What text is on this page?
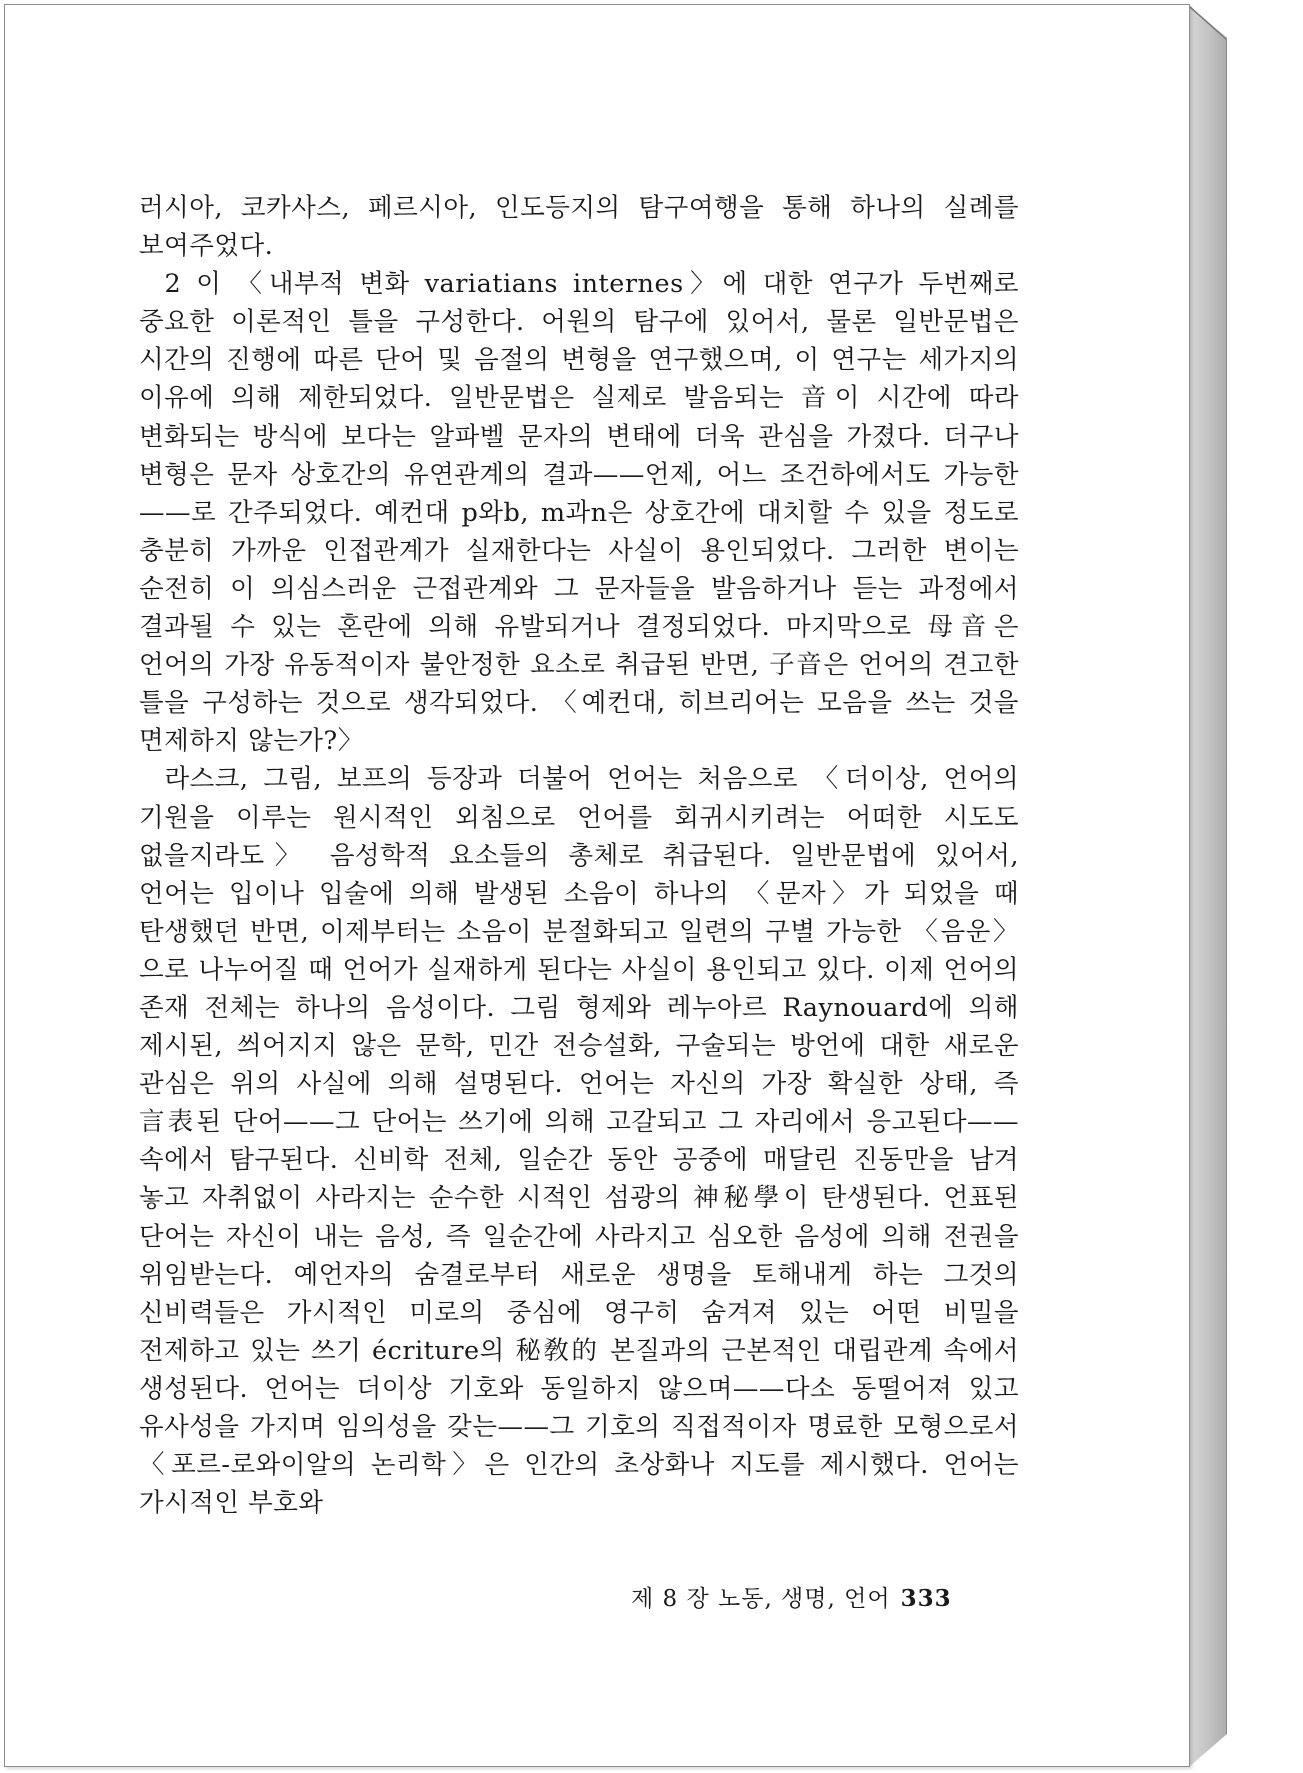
러시아, 코카사스, 페르시아, 인도등지의 탐구여행을 통해 하나의 실례를 보여주었다.

2 이 〈내부적 변화 variatians internes〉에 대한 연구가 두번째로 중요한 이론적인 틀을 구성한다. 어원의 탐구에 있어서, 물론 일반문법은 시간의 진행에 따른 단어 및 음절의 변형을 연구했으며, 이 연구는 세가지의 이유에 의해 제한되었다. 일반문법은 실제로 발음되는 音이 시간에 따라 변화되는 방식에 보다는 알파벨 문자의 변태에 더욱 관심을 가졌다. 더구나 변형은 문자 상호간의 유연관계의 결과——언제, 어느 조건하에서도 가능한——로 간주되었다. 예컨대 p와b, m과n은 상호간에 대치할 수 있을 정도로 충분히 가까운 인접관계가 실재한다는 사실이 용인되었다. 그러한 변이는 순전히 이 의심스러운 근접관계와 그 문자들을 발음하거나 듣는 과정에서 결과될 수 있는 혼란에 의해 유발되거나 결정되었다. 마지막으로 母音은 언어의 가장 유동적이자 불안정한 요소로 취급된 반면, 子音은 언어의 견고한 틀을 구성하는 것으로 생각되었다. 〈예컨대, 히브리어는 모음을 쓰는 것을 면제하지 않는가?〉

라스크, 그림, 보프의 등장과 더불어 언어는 처음으로 〈더이상, 언어의 기원을 이루는 원시적인 외침으로 언어를 회귀시키려는 어떠한 시도도 없을지라도〉 음성학적 요소들의 총체로 취급된다. 일반문법에 있어서, 언어는 입이나 입술에 의해 발생된 소음이 하나의 〈문자〉가 되었을 때 탄생했던 반면, 이제부터는 소음이 분절화되고 일련의 구별 가능한 〈음운〉으로 나누어질 때 언어가 실재하게 된다는 사실이 용인되고 있다. 이제 언어의 존재 전체는 하나의 음성이다. 그림 형제와 레누아르 Raynouard에 의해 제시된, 씌어지지 않은 문학, 민간 전승설화, 구술되는 방언에 대한 새로운 관심은 위의 사실에 의해 설명된다. 언어는 자신의 가장 확실한 상태, 즉 言表된 단어——그 단어는 쓰기에 의해 고갈되고 그 자리에서 응고된다——속에서 탐구된다. 신비학 전체, 일순간 동안 공중에 매달린 진동만을 남겨 놓고 자취없이 사라지는 순수한 시적인 섬광의 神秘學이 탄생된다. 언표된 단어는 자신이 내는 음성, 즉 일순간에 사라지고 심오한 음성에 의해 전권을 위임받는다. 예언자의 숨결로부터 새로운 생명을 토해내게 하는 그것의 신비력들은 가시적인 미로의 중심에 영구히 숨겨져 있는 어떤 비밀을 전제하고 있는 쓰기 écriture의 秘敎的 본질과의 근본적인 대립관계 속에서 생성된다. 언어는 더이상 기호와 동일하지 않으며——다소 동떨어져 있고 유사성을 가지며 임의성을 갖는——그 기호의 직접적이자 명료한 모형으로서 〈포르-로와이알의 논리학〉은 인간의 초상화나 지도를 제시했다. 언어는 가시적인 부호와

제 8 장 노동, 생명, 언어 333
